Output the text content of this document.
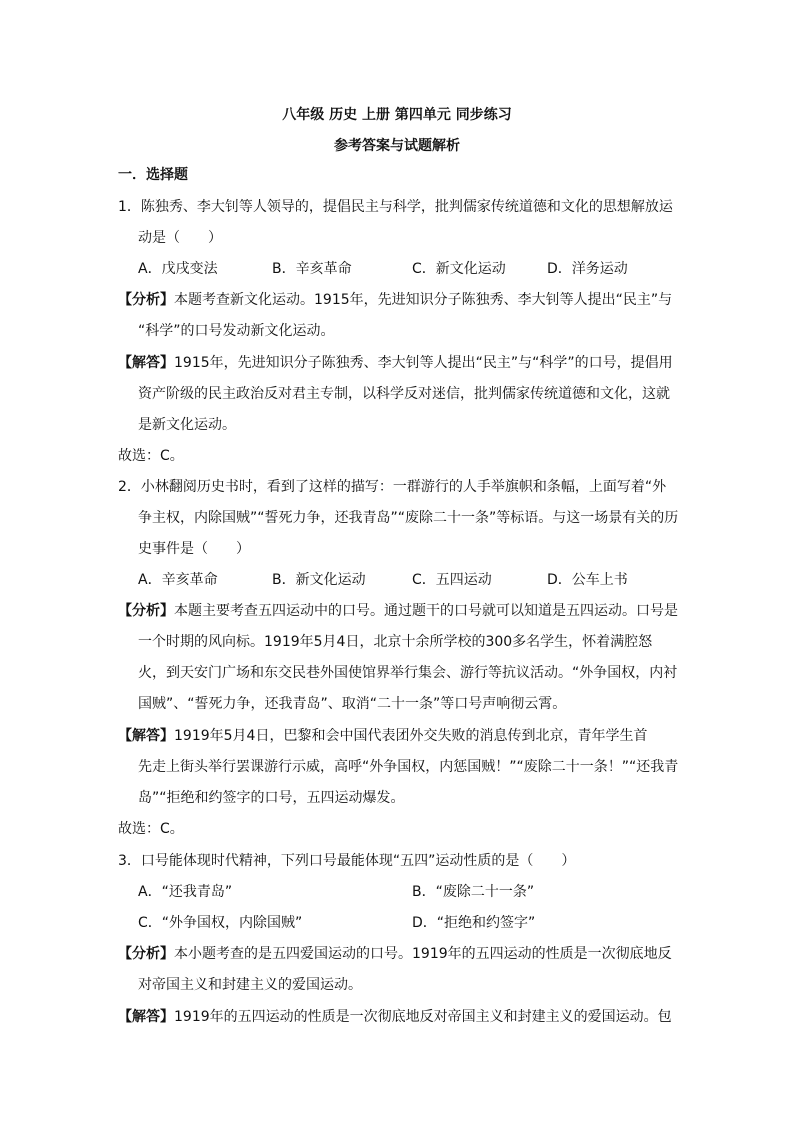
八年级 历史 上册 第四单元 同步练习
参考答案与试题解析
一．选择题
1．陈独秀、李大钊等人领导的，提倡民主与科学，批判儒家传统道德和文化的思想解放运
动是（　　）
A．戊戌变法	B．辛亥革命	C．新文化运动	D．洋务运动
【分析】本题考查新文化运动。1915年，先进知识分子陈独秀、李大钊等人提出“民主”与
“科学”的口号发动新文化运动。
【解答】1915年，先进知识分子陈独秀、李大钊等人提出“民主”与“科学”的口号，提倡用
资产阶级的民主政治反对君主专制，以科学反对迷信，批判儒家传统道德和文化，这就
是新文化运动。
故选：C。
2．小林翻阅历史书时，看到了这样的描写：一群游行的人手举旗帜和条幅，上面写着“外
争主权，内除国贼”“誓死力争，还我青岛”“废除二十一条”等标语。与这一场景有关的历
史事件是（　　）
A．辛亥革命	B．新文化运动	C．五四运动	D．公车上书
【分析】本题主要考查五四运动中的口号。通过题干的口号就可以知道是五四运动。口号是
一个时期的风向标。1919年5月4日，北京十余所学校的300多名学生，怀着满腔怒
火，到天安门广场和东交民巷外国使馆界举行集会、游行等抗议活动。“外争国权，内衬
国贼”、“誓死力争，还我青岛”、取消“二十一条”等口号声响彻云霄。
【解答】1919年5月4日，巴黎和会中国代表团外交失败的消息传到北京，青年学生首
先走上街头举行罢课游行示威，高呼“外争国权，内惩国贼！”“废除二十一条！”“还我青
岛”“拒绝和约签字的口号，五四运动爆发。
故选：C。
3．口号能体现时代精神，下列口号最能体现“五四”运动性质的是（　　）
A．“还我青岛”	B．“废除二十一条”
C．“外争国权，内除国贼”	D．“拒绝和约签字”
【分析】本小题考查的是五四爱国运动的口号。1919年的五四运动的性质是一次彻底地反
对帝国主义和封建主义的爱国运动。
【解答】1919年的五四运动的性质是一次彻底地反对帝国主义和封建主义的爱国运动。包
